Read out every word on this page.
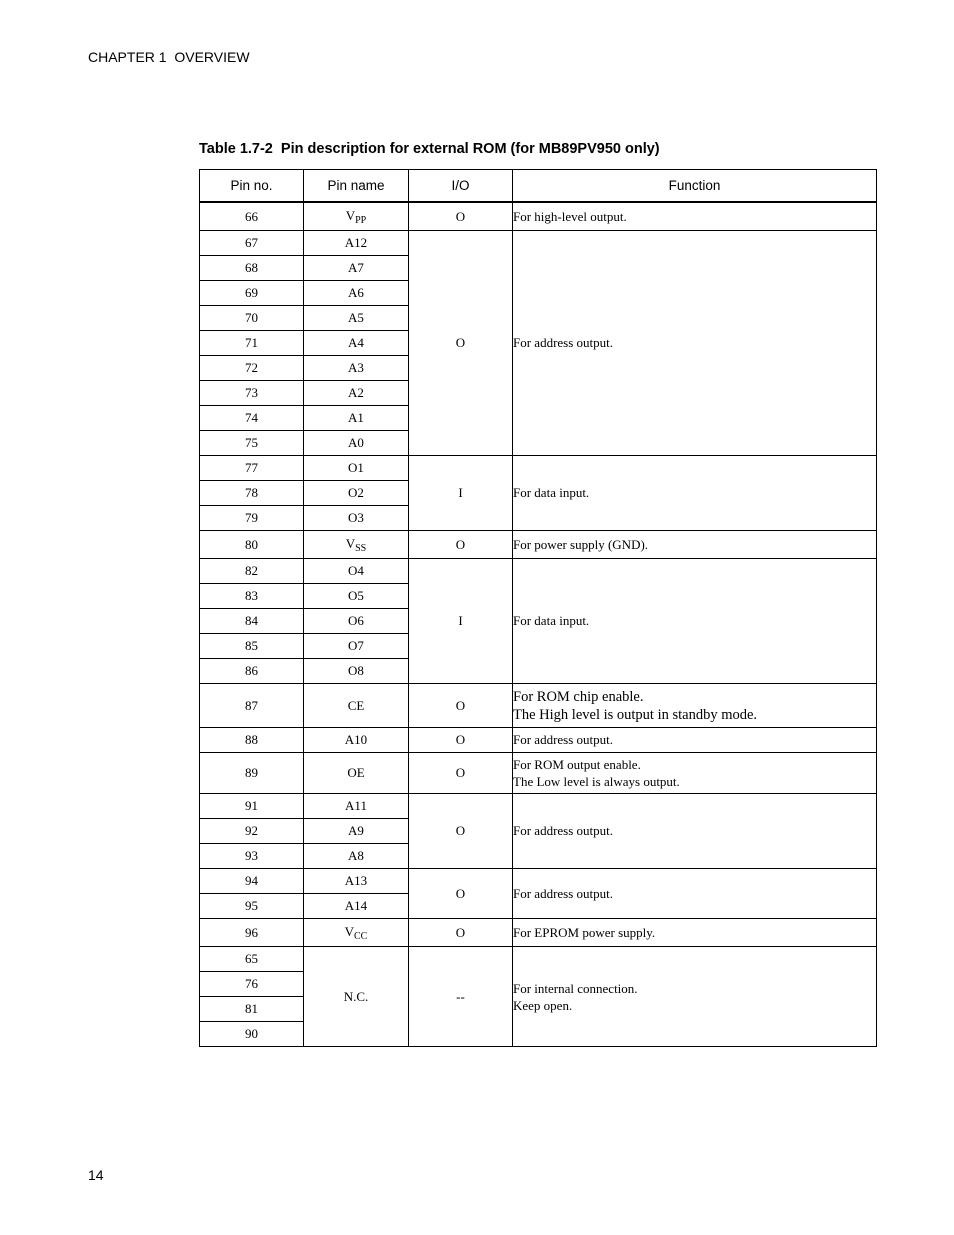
CHAPTER 1  OVERVIEW
Table 1.7-2  Pin description for external ROM (for MB89PV950 only)
Pin no.	Pin name	I/O	Function
66	$V_{PP}$	O	For high-level output.
67	A12	O	For address output.
68	A7		
69	A6		
70	A5		
71	A4		
72	A3		
73	A2		
74	A1		
75	A0		
77	O1	I	For data input.
78	O2		
79	O3		
80	$V_{SS}$	O	For power supply (GND).
82	O4	I	For data input.
83	O5		
84	O6		
85	O7		
86	O8		
87	CE	O	For ROM chip enable.
The High level is output in standby mode.

88	A10	O	For address output.
89	OE	O	For ROM output enable.
The Low level is always output.

91	A11	O	For address output.
92	A9		
93	A8		
94	A13	O	For address output.
95	A14		
96	$V_{CC}$	O	For EPROM power supply.
65	N.C.	--	For internal connection.
Keep open.

76			
81			
90			
14
